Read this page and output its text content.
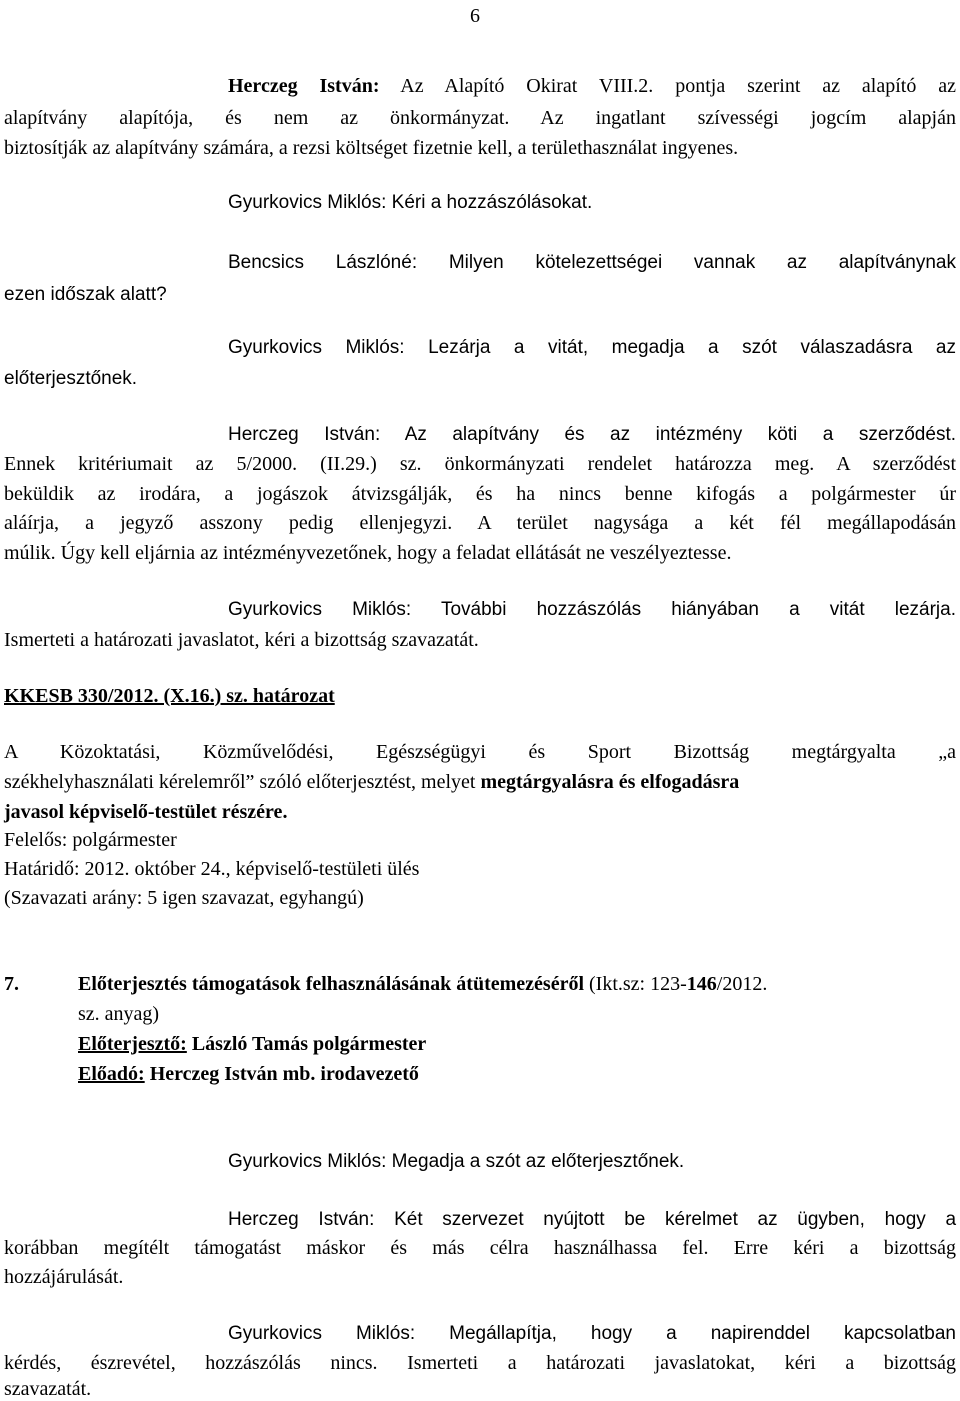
6
Herczeg István: Az Alapító Okirat VIII.2. pontja szerint az alapító az
alapítvány alapítója, és nem az önkormányzat. Az ingatlant szívességi jogcím alapján
biztosítják az alapítvány számára, a rezsi költséget fizetnie kell, a területhasználat ingyenes.
Gyurkovics Miklós: Kéri a hozzászólásokat.
Bencsics Lászlóné: Milyen kötelezettségei vannak az alapítványnak
ezen időszak alatt?
Gyurkovics Miklós: Lezárja a vitát, megadja a szót válaszadásra az
előterjesztőnek.
Herczeg István: Az alapítvány és az intézmény köti a szerződést.
Ennek kritériumait az 5/2000. (II.29.) sz. önkormányzati rendelet határozza meg. A szerződést
beküldik az irodára, a jogászok átvizsgálják, és ha nincs benne kifogás a polgármester úr
aláírja, a jegyző asszony pedig ellenjegyzi. A terület nagysága a két fél megállapodásán
múlik. Úgy kell eljárnia az intézményvezetőnek, hogy a feladat ellátását ne veszélyeztesse.
Gyurkovics Miklós: További hozzászólás hiányában a vitát lezárja.
Ismerteti a határozati javaslatot, kéri a bizottság szavazatát.
KKESB 330/2012. (X.16.) sz. határozat
A Közoktatási, Közművelődési, Egészségügyi és Sport Bizottság megtárgyalta „a
székhelyhasználati kérelemről” szóló előterjesztést, melyet megtárgyalásra és elfogadásra
javasol képviselő-testület részére.
Felelős: polgármester
Határidő: 2012. október 24., képviselő-testületi ülés
(Szavazati arány: 5 igen szavazat, egyhangú)
7.	Előterjesztés támogatások felhasználásának átütemezéséről (Ikt.sz: 123-146/2012.
sz. anyag)
Előterjesztő: László Tamás polgármester
Előadó: Herczeg István mb. irodavezető
Gyurkovics Miklós: Megadja a szót az előterjesztőnek.
Herczeg István: Két szervezet nyújtott be kérelmet az ügyben, hogy a
korábban megítélt támogatást máskor és más célra használhassa fel. Erre kéri a bizottság
hozzájárulását.
Gyurkovics Miklós: Megállapítja, hogy a napirenddel kapcsolatban
kérdés, észrevétel, hozzászólás nincs. Ismerteti a határozati javaslatokat, kéri a bizottság
szavazatát.
